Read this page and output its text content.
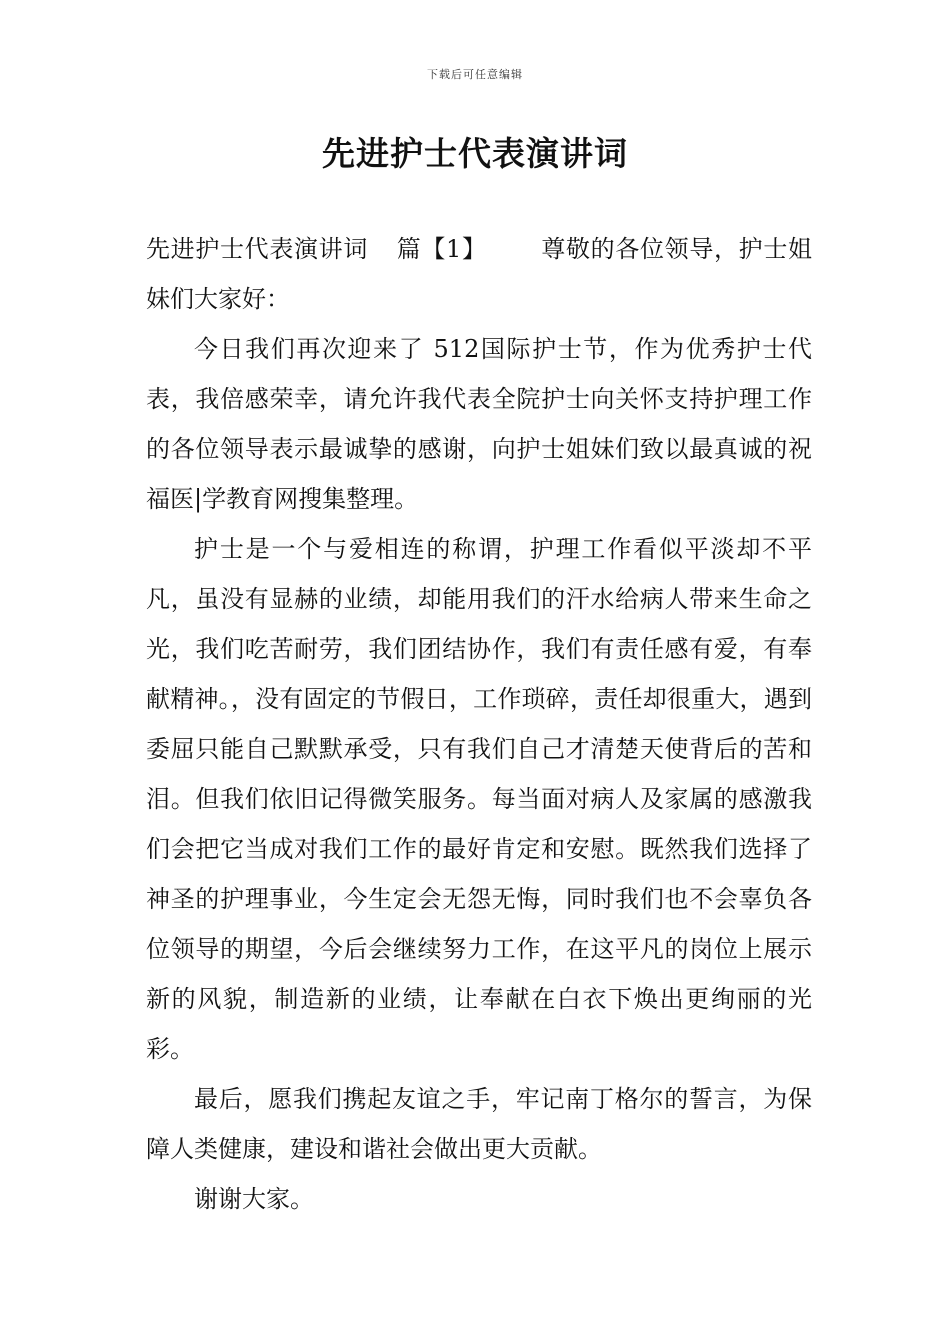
下载后可任意编辑
先进护士代表演讲词

先进护士代表演讲词 篇【1】 尊敬的各位领导，护士姐妹们大家好：

今日我们再次迎来了 512国际护士节，作为优秀护士代表，我倍感荣幸，请允许我代表全院护士向关怀支持护理工作的各位领导表示最诚挚的感谢，向护士姐妹们致以最真诚的祝福医|学教育网搜集整理。

护士是一个与爱相连的称谓，护理工作看似平淡却不平凡，虽没有显赫的业绩，却能用我们的汗水给病人带来生命之光，我们吃苦耐劳，我们团结协作，我们有责任感有爱，有奉献精神。，没有固定的节假日，工作琐碎，责任却很重大，遇到委屈只能自己默默承受，只有我们自己才清楚天使背后的苦和泪。但我们依旧记得微笑服务。每当面对病人及家属的感激我们会把它当成对我们工作的最好肯定和安慰。既然我们选择了神圣的护理事业，今生定会无怨无悔，同时我们也不会辜负各位领导的期望，今后会继续努力工作，在这平凡的岗位上展示新的风貌，制造新的业绩，让奉献在白衣下焕出更绚丽的光彩。

最后，愿我们携起友谊之手，牢记南丁格尔的誓言，为保障人类健康，建设和谐社会做出更大贡献。

谢谢大家。
